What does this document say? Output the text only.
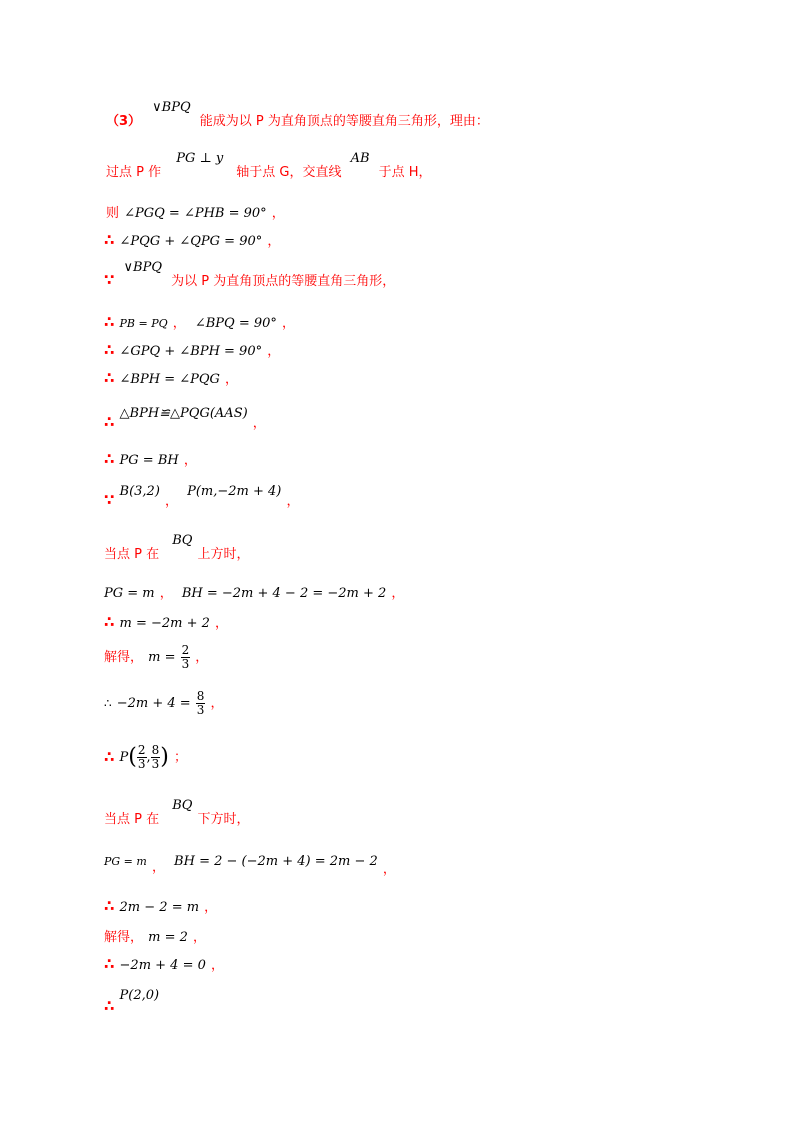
（3） $^{\vee BPQ}$ 能成为以 P 为直角顶点的等腰直角三角形，理由：
过点 P 作 $^{PG \perp y}$ 轴于点 G，交直线 $^{AB}$ 于点 H，
则 ∠PGQ = ∠PHB = 90° ，
∴ ∠PQG + ∠QPG = 90° ，
∵ $^{\vee BPQ}$ 为以 P 为直角顶点的等腰直角三角形，
∴ PB = PQ ， ∠BPQ = 90° ，
∴ ∠GPQ + ∠BPH = 90° ，
∴ ∠BPH = ∠PQG ，
∴ △BPH≌△PQG(AAS) $_,$
∴ PG = BH ，
∵ B(3,2) $_,$ P(m,−2m + 4) $_,$
当点 P 在 $^{BQ}$ 上方时，
PG = m ， BH = −2m + 4 − 2 = −2m + 2 ，
∴ m = −2m + 2 ，
解得， $m = \frac{2}{3}$ ，
∴ $-2m + 4 = \frac{8}{3}$ ，
∴ $P( \frac{2}{3}$ , $\frac{8}{3}$ ) ；
当点 P 在 $^{BQ}$ 下方时，
PG = m $_,$ BH = 2 − (−2m + 4) = 2m − 2 $_,$
∴ 2m − 2 = m ，
解得， m = 2 ，
∴ −2m + 4 = 0 ，
∴ P(2,0)
